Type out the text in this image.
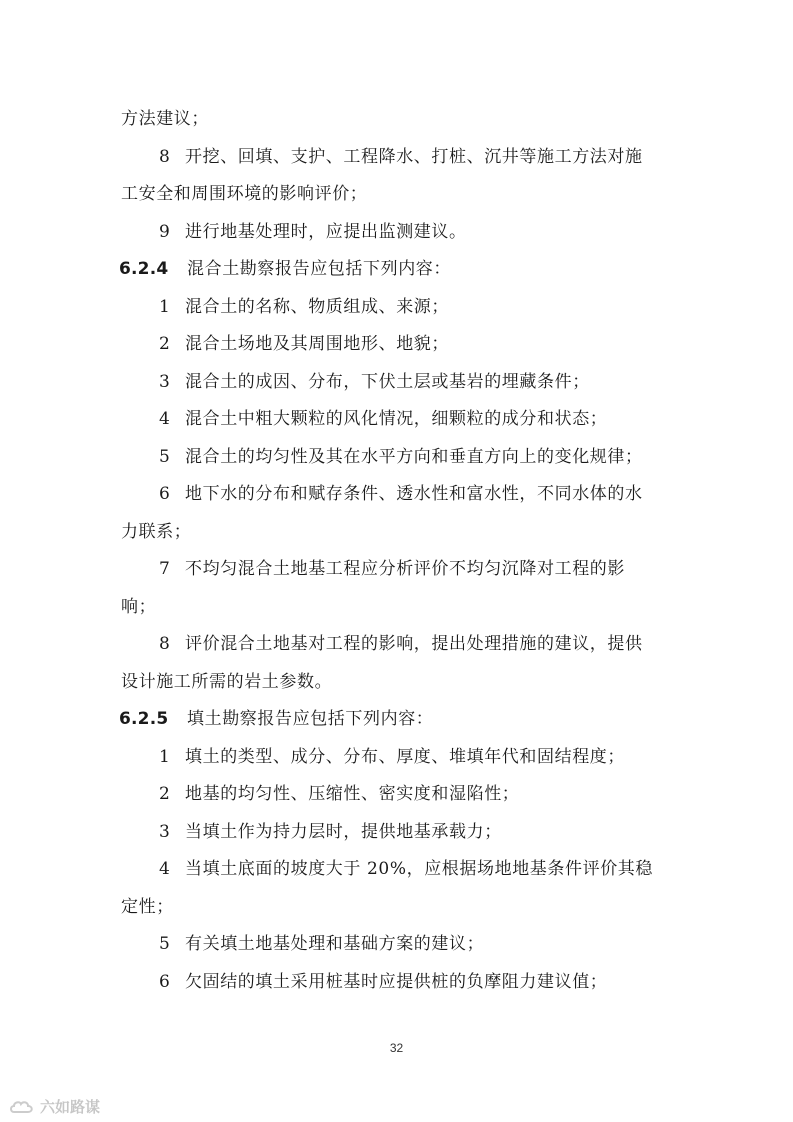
方法建议；
8 开挖、回填、支护、工程降水、打桩、沉井等施工方法对施
工安全和周围环境的影响评价；
9 进行地基处理时，应提出监测建议。
6.2.4 混合土勘察报告应包括下列内容：
1 混合土的名称、物质组成、来源；
2 混合土场地及其周围地形、地貌；
3 混合土的成因、分布，下伏土层或基岩的埋藏条件；
4 混合土中粗大颗粒的风化情况，细颗粒的成分和状态；
5 混合土的均匀性及其在水平方向和垂直方向上的变化规律；
6 地下水的分布和赋存条件、透水性和富水性，不同水体的水
力联系；
7 不均匀混合土地基工程应分析评价不均匀沉降对工程的影
响；
8 评价混合土地基对工程的影响，提出处理措施的建议，提供
设计施工所需的岩土参数。
6.2.5 填土勘察报告应包括下列内容：
1 填土的类型、成分、分布、厚度、堆填年代和固结程度；
2 地基的均匀性、压缩性、密实度和湿陷性；
3 当填土作为持力层时，提供地基承载力；
4 当填土底面的坡度大于 20%，应根据场地地基条件评价其稳
定性；
5 有关填土地基处理和基础方案的建议；
6 欠固结的填土采用桩基时应提供桩的负摩阻力建议值；
32
六如路谋
